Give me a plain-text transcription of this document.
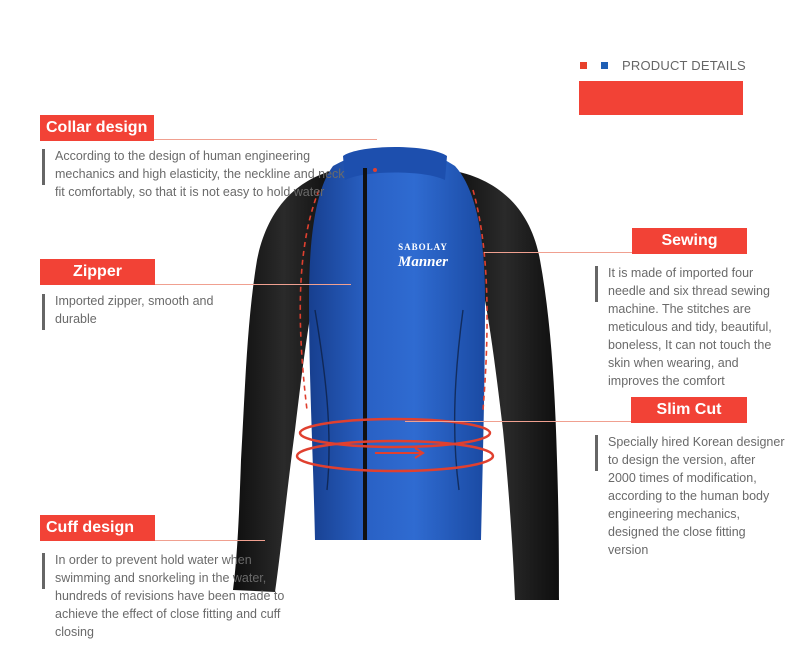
PRODUCT DETAILS
SABOLAY
Manner
Collar design
According to the design of human engineering mechanics and high elasticity, the neckline and neck fit comfortably, so that it is not easy to hold water
Zipper
Imported zipper, smooth and durable
Cuff design
In order to prevent hold water when swimming and snorkeling in the water, hundreds of revisions have been made to achieve the effect of close fitting and cuff closing
Sewing
It is made of imported four needle and six thread sewing machine. The stitches are meticulous and tidy, beautiful, boneless, It can not touch the skin when wearing, and improves the comfort
Slim Cut
Specially hired Korean designer to design the version, after 2000 times of modification, according to the human body engineering mechanics, designed the close fitting version
